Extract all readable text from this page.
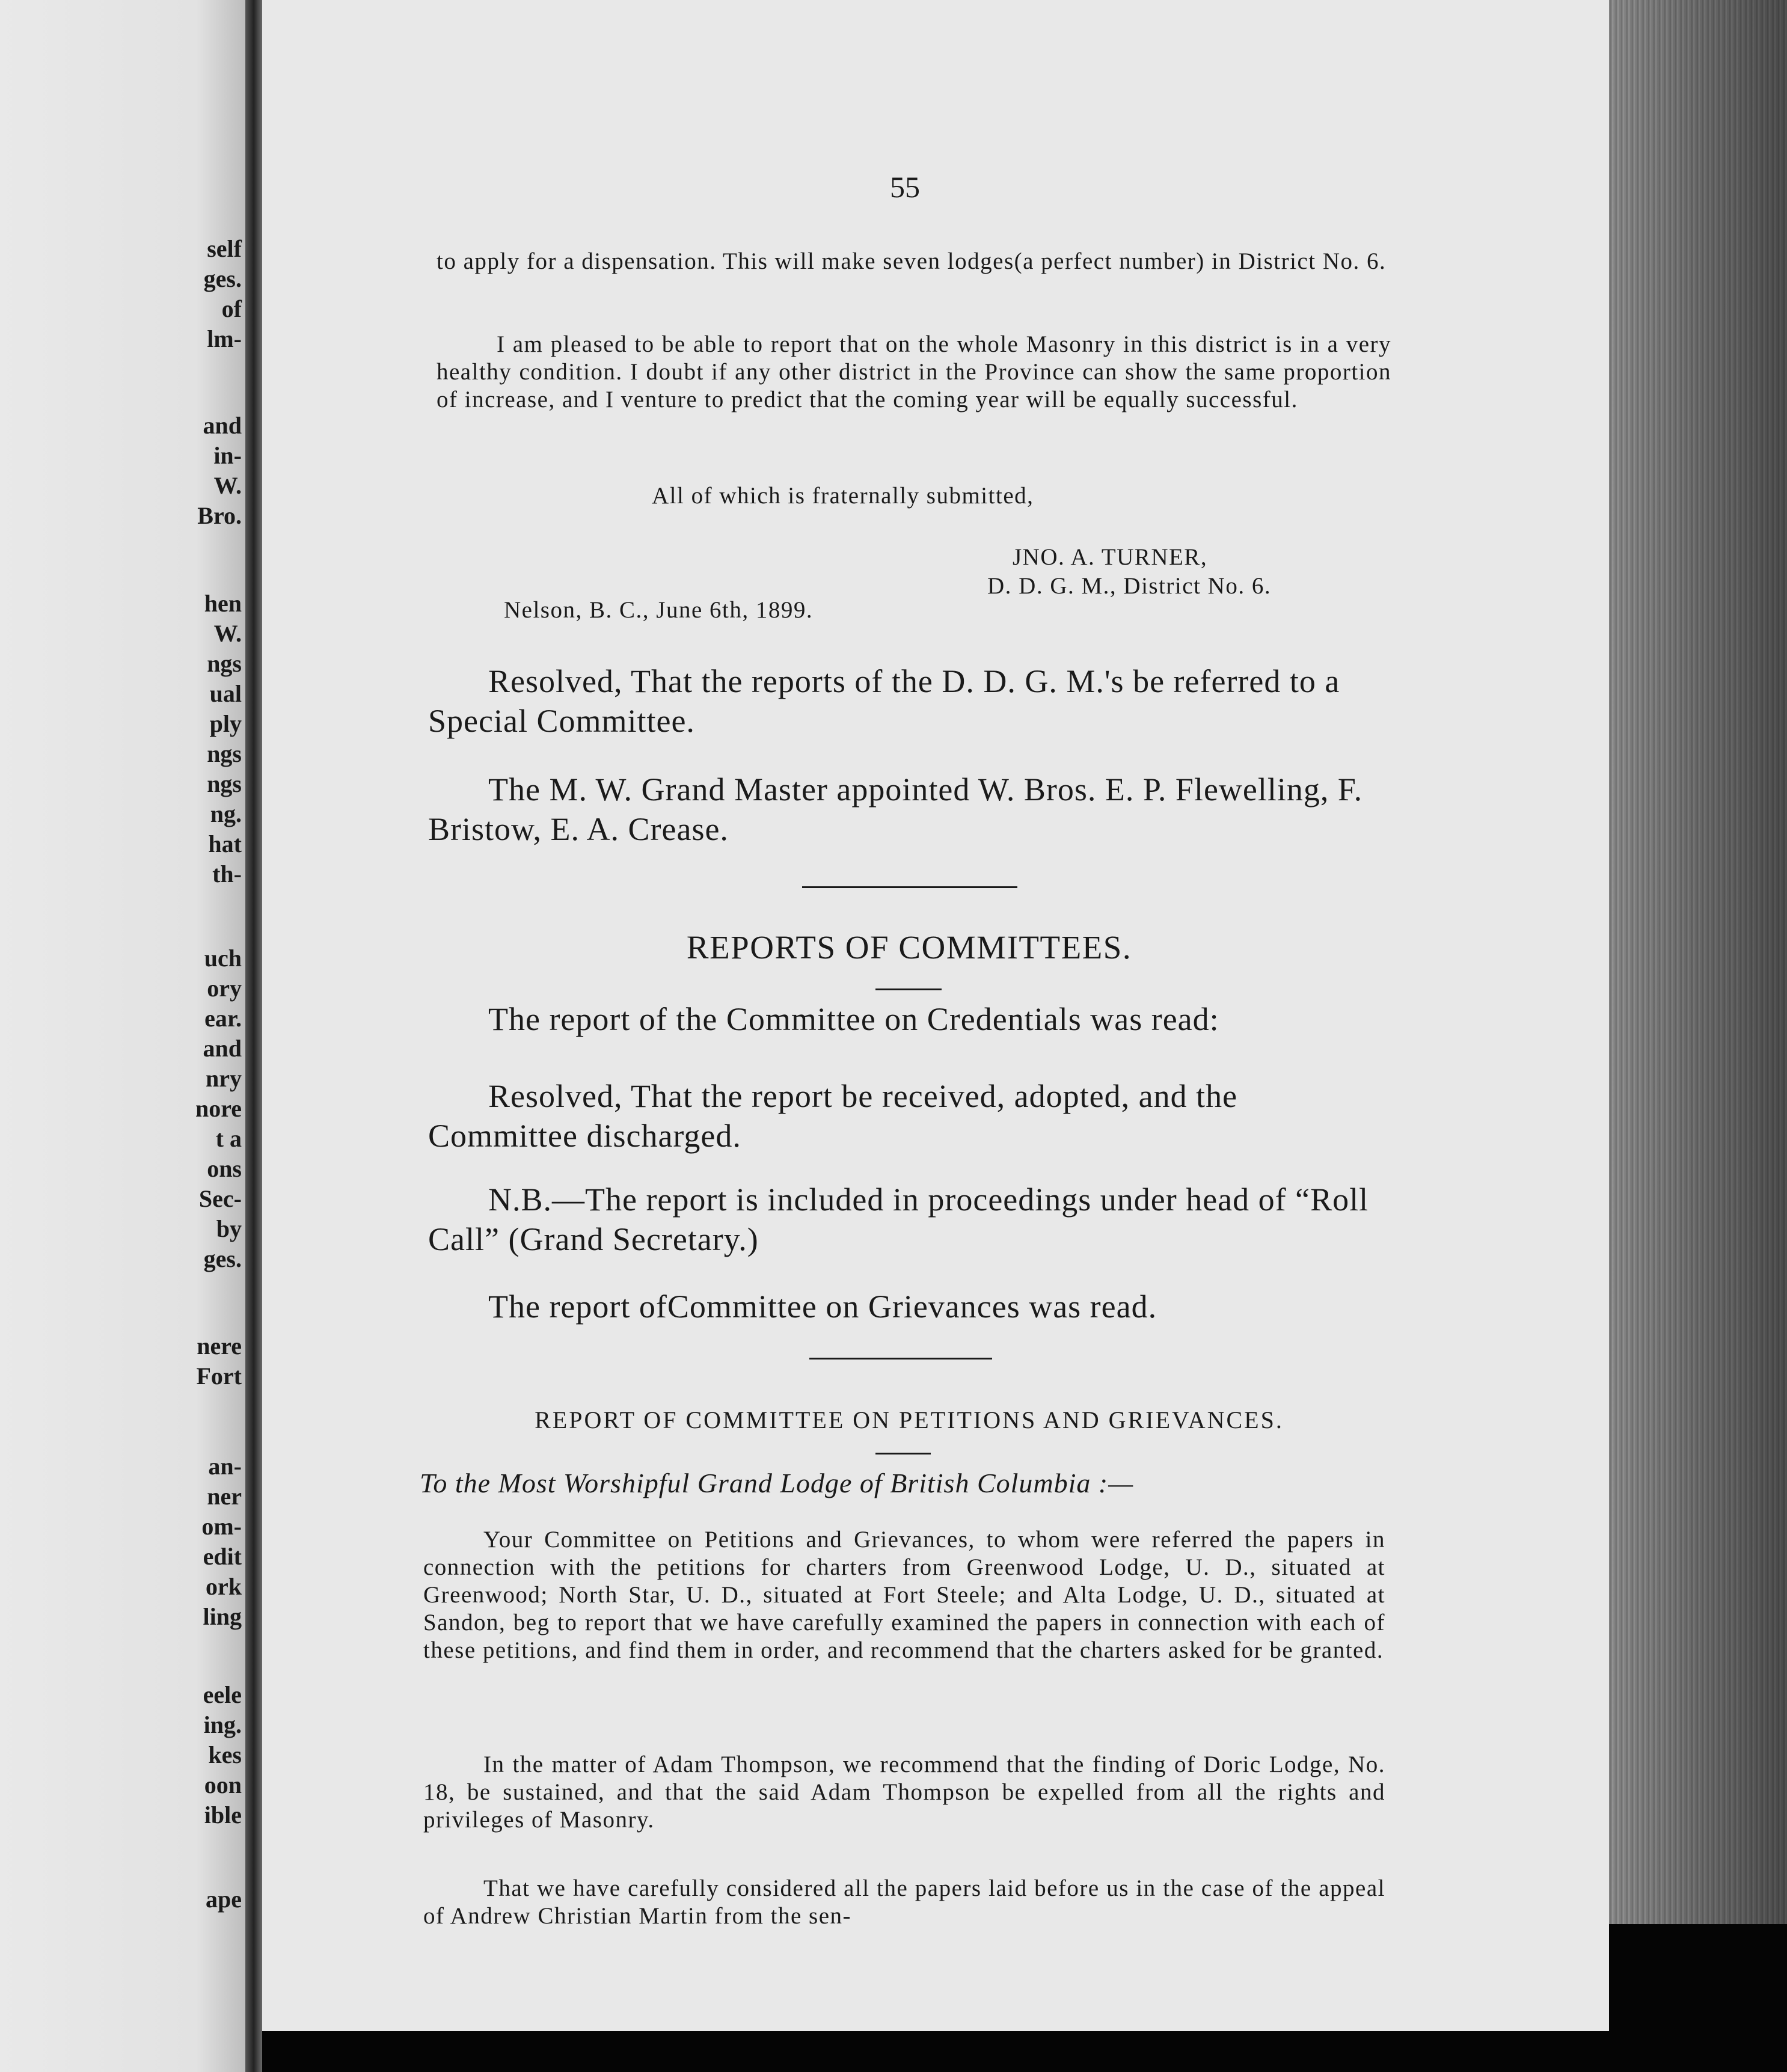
self
ges.
of
lm-
and
in-
W.
Bro.
hen
W.
ngs
ual
ply
ngs
ngs
ng.
hat
th-
uch
ory
ear.
and
nry
nore
t a
ons
Sec-
by
ges.
nere
Fort
an-
ner
om-
edit
ork
ling
eele
ing.
kes
oon
ible
ape
55

to apply for a dispensation. This will make seven lodges(a perfect number) in District No. 6.

I am pleased to be able to report that on the whole Masonry in this district is in a very healthy condition. I doubt if any other district in the Province can show the same proportion of increase, and I venture to predict that the coming year will be equally successful.

All of which is fraternally submitted,
JNO. A. TURNER,
D. D. G. M., District No. 6.
Nelson, B. C., June 6th, 1899.

Resolved, That the reports of the D. D. G. M.'s be referred to a Special Committee.

The M. W. Grand Master appointed W. Bros. E. P. Flewelling, F. Bristow, E. A. Crease.

REPORTS OF COMMITTEES.

The report of the Committee on Credentials was read:

Resolved, That the report be received, adopted, and the Committee discharged.

N.B.—The report is included in proceedings under head of “Roll Call” (Grand Secretary.)

The report ofCommittee on Grievances was read.

REPORT OF COMMITTEE ON PETITIONS AND GRIEVANCES.
To the Most Worshipful Grand Lodge of British Columbia :—

Your Committee on Petitions and Grievances, to whom were referred the papers in connection with the petitions for charters from Greenwood Lodge, U. D., situated at Greenwood; North Star, U. D., situated at Fort Steele; and Alta Lodge, U. D., situated at Sandon, beg to report that we have carefully examined the papers in connection with each of these petitions, and find them in order, and recommend that the charters asked for be granted.

In the matter of Adam Thompson, we recommend that the finding of Doric Lodge, No. 18, be sustained, and that the said Adam Thompson be expelled from all the rights and privileges of Masonry.

That we have carefully considered all the papers laid before us in the case of the appeal of Andrew Christian Martin from the sen-
